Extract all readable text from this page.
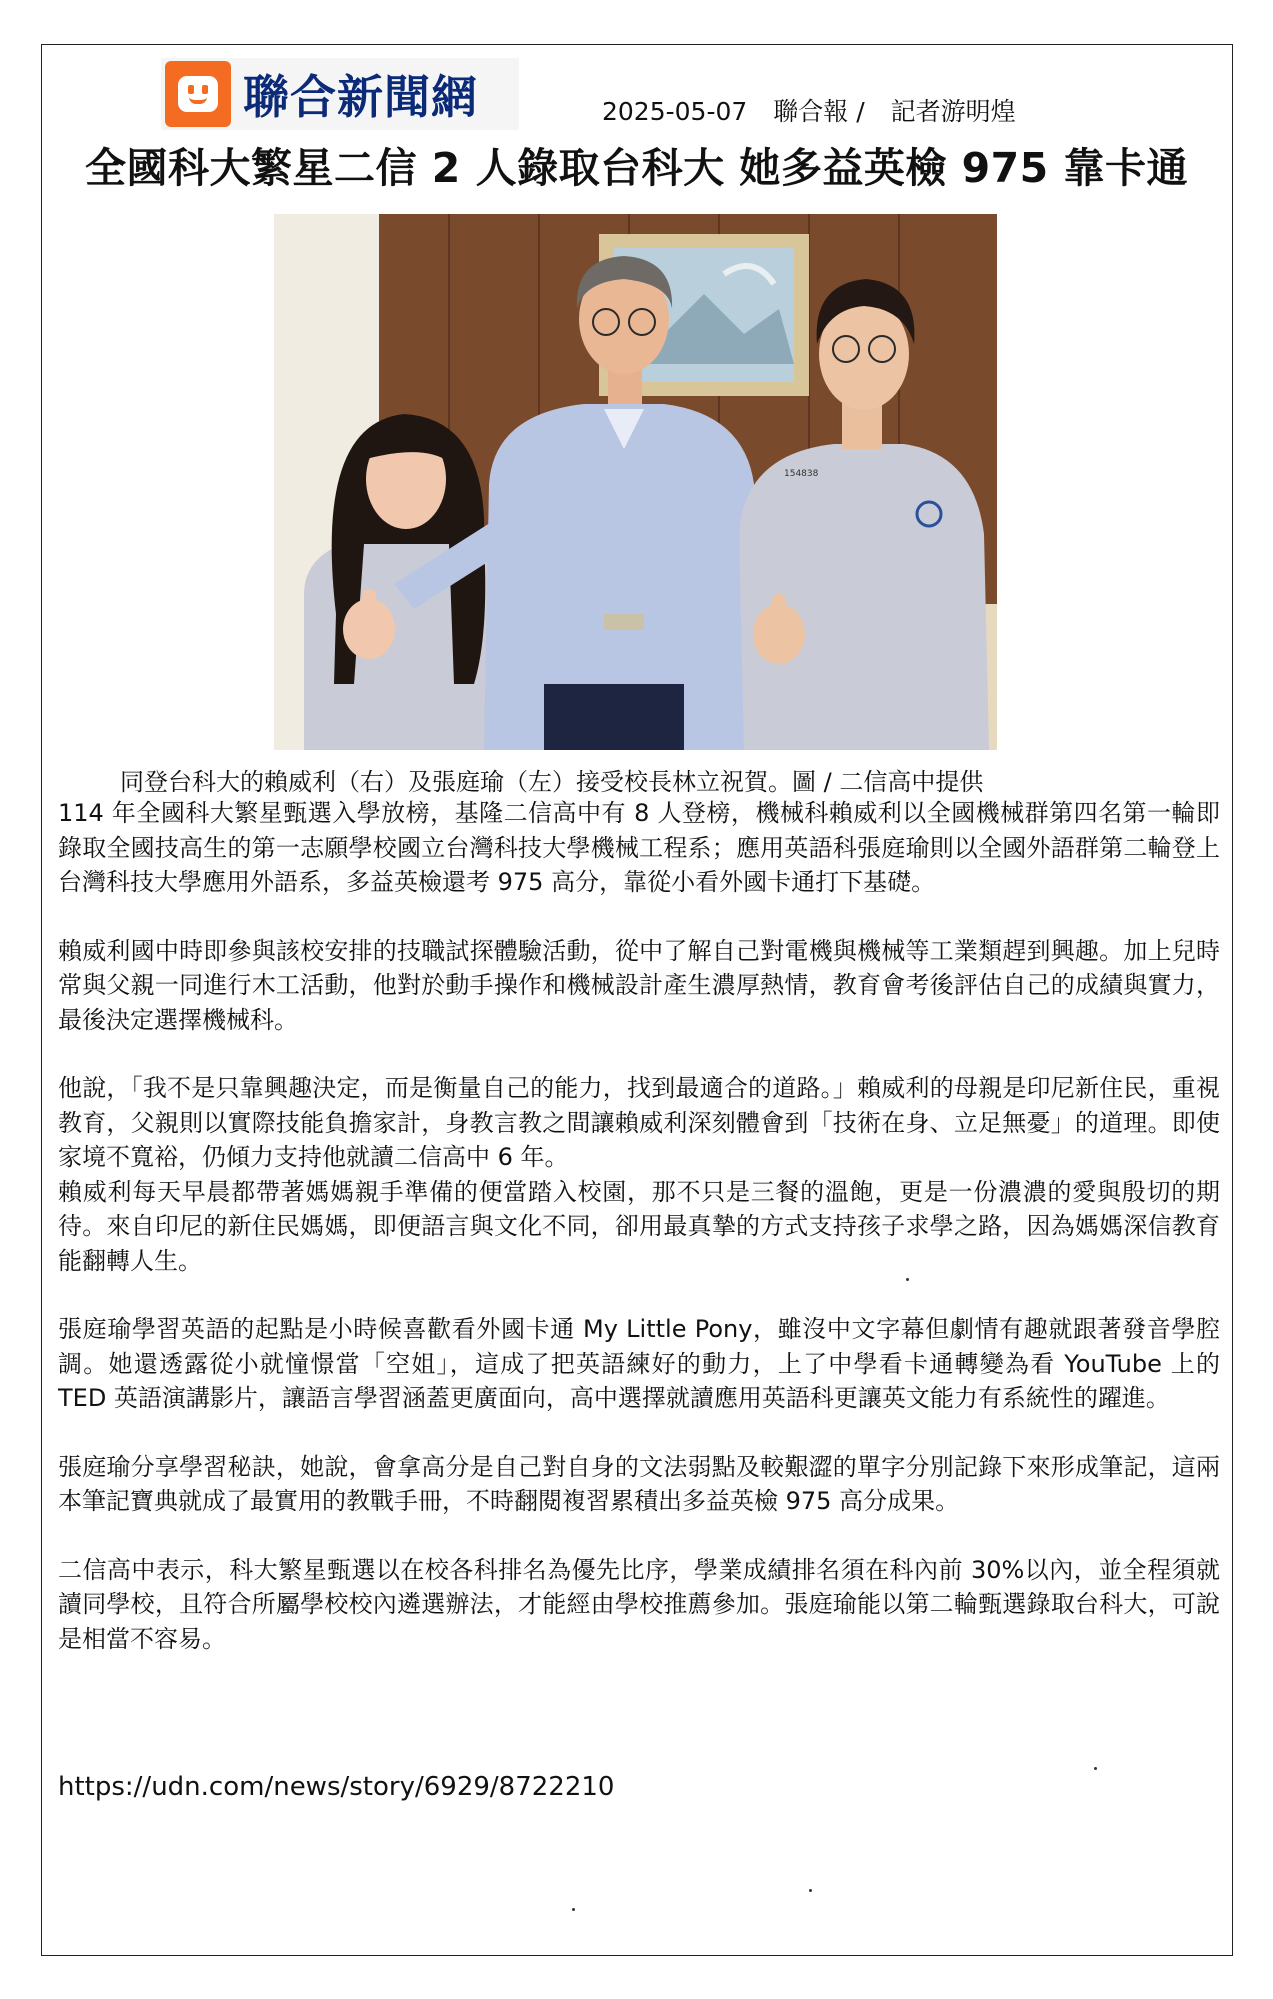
聯合新聞網	2025-05-07 聯合報 / 記者游明煌
全國科大繁星二信 2 人錄取台科大 她多益英檢 975 靠卡通
154838
同登台科大的賴威利（右）及張庭瑜（左）接受校長林立祝賀。圖 / 二信高中提供

114 年全國科大繁星甄選入學放榜，基隆二信高中有 8 人登榜，機械科賴威利以全國機械群第四名第一輪即錄取全國技高生的第一志願學校國立台灣科技大學機械工程系；應用英語科張庭瑜則以全國外語群第二輪登上台灣科技大學應用外語系，多益英檢還考 975 高分，靠從小看外國卡通打下基礎。

賴威利國中時即參與該校安排的技職試探體驗活動，從中了解自己對電機與機械等工業類趕到興趣。加上兒時常與父親一同進行木工活動，他對於動手操作和機械設計產生濃厚熱情，教育會考後評估自己的成績與實力，最後決定選擇機械科。

他說，「我不是只靠興趣決定，而是衡量自己的能力，找到最適合的道路。」賴威利的母親是印尼新住民，重視教育，父親則以實際技能負擔家計，身教言教之間讓賴威利深刻體會到「技術在身、立足無憂」的道理。即使家境不寬裕，仍傾力支持他就讀二信高中 6 年。

賴威利每天早晨都帶著媽媽親手準備的便當踏入校園，那不只是三餐的溫飽，更是一份濃濃的愛與殷切的期待。來自印尼的新住民媽媽，即便語言與文化不同，卻用最真摯的方式支持孩子求學之路，因為媽媽深信教育能翻轉人生。

張庭瑜學習英語的起點是小時候喜歡看外國卡通 My Little Pony，雖沒中文字幕但劇情有趣就跟著發音學腔調。她還透露從小就憧憬當「空姐」，這成了把英語練好的動力，上了中學看卡通轉變為看 YouTube 上的 TED 英語演講影片，讓語言學習涵蓋更廣面向，高中選擇就讀應用英語科更讓英文能力有系統性的躍進。

張庭瑜分享學習秘訣，她說，會拿高分是自己對自身的文法弱點及較艱澀的單字分別記錄下來形成筆記，這兩本筆記寶典就成了最實用的教戰手冊，不時翻閱複習累積出多益英檢 975 高分成果。

二信高中表示，科大繁星甄選以在校各科排名為優先比序，學業成績排名須在科內前 30%以內，並全程須就讀同學校，且符合所屬學校校內遴選辦法，才能經由學校推薦參加。張庭瑜能以第二輪甄選錄取台科大，可說是相當不容易。

https://udn.com/news/story/6929/8722210
